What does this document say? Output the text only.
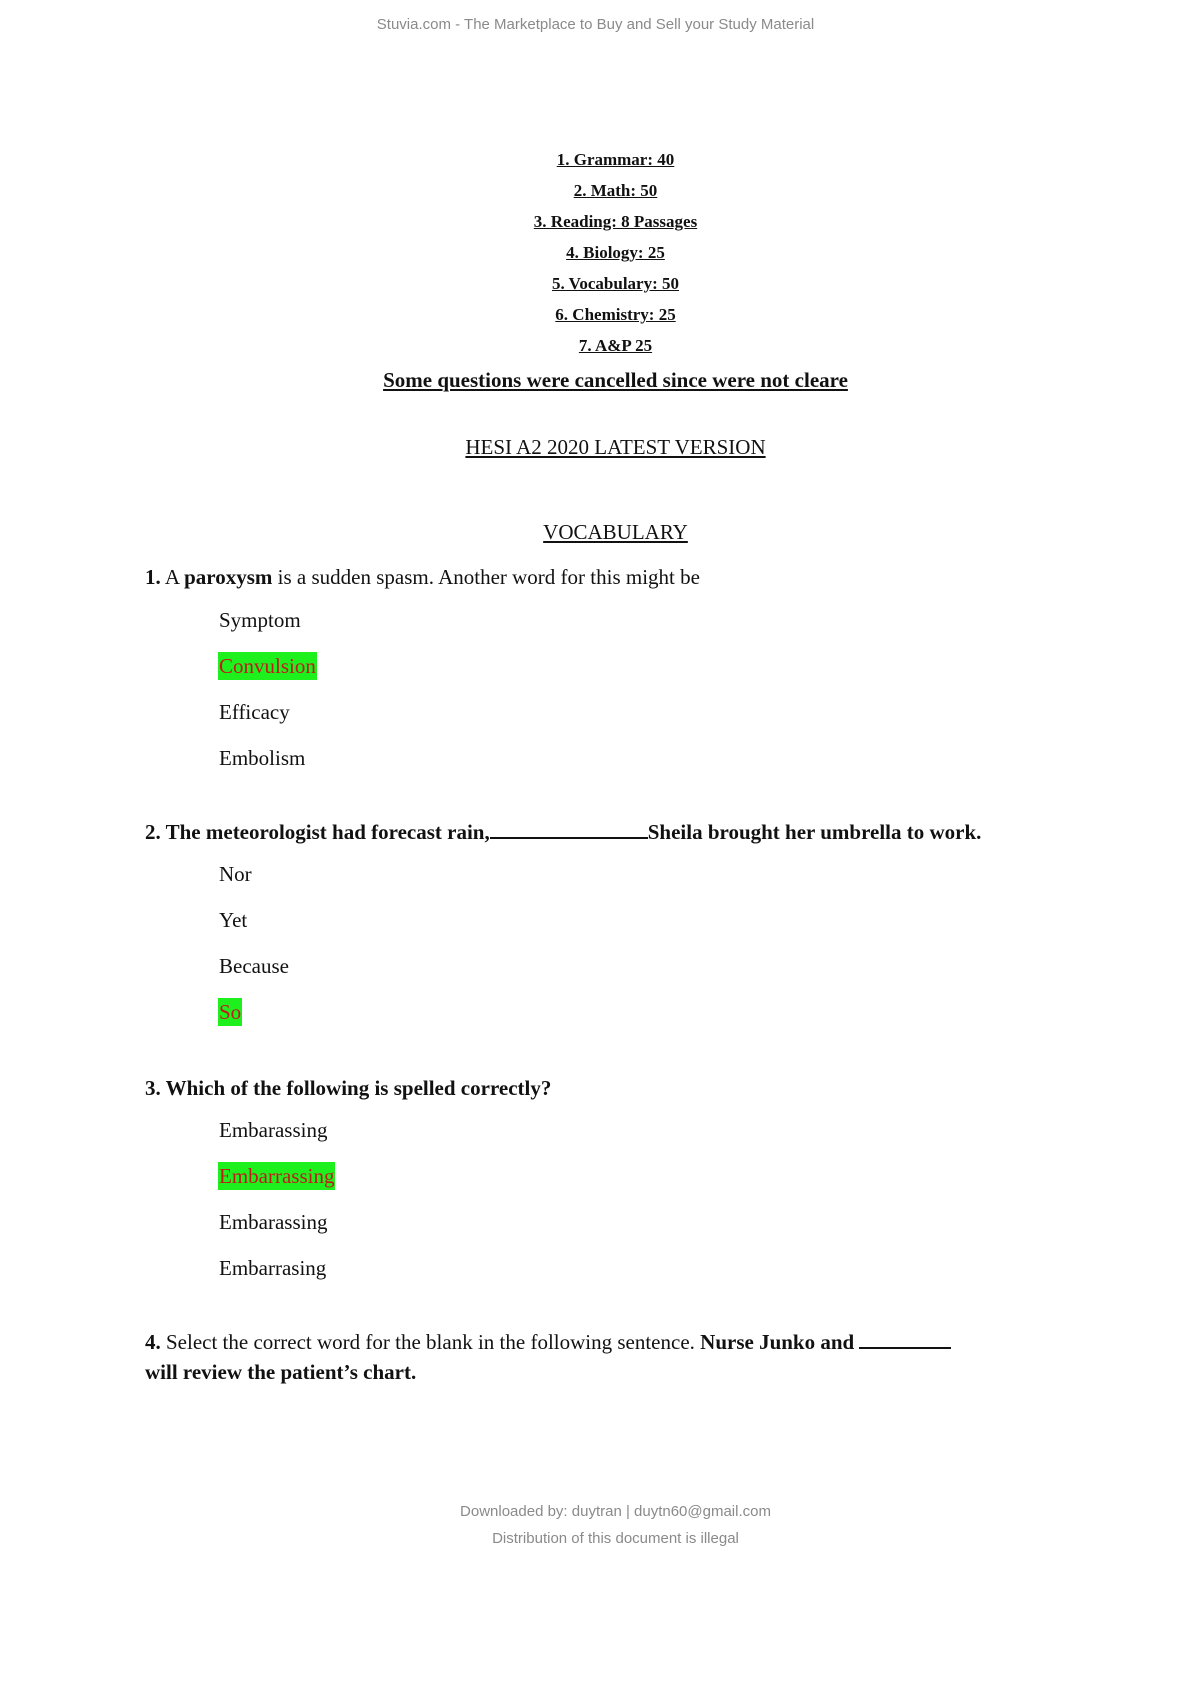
Stuvia.com - The Marketplace to Buy and Sell your Study Material
1. Grammar: 40
2. Math: 50
3. Reading: 8 Passages
4. Biology: 25
5. Vocabulary: 50
6. Chemistry: 25
7. A&P 25
Some questions were cancelled since were not cleare
HESI A2 2020 LATEST VERSION
VOCABULARY
1. A paroxysm is a sudden spasm. Another word for this might be
Symptom
Convulsion
Efficacy
Embolism
2. The meteorologist had forecast rain,	Sheila brought her umbrella to work.
Nor
Yet
Because
So
3. Which of the following is spelled correctly?
Embarassing
Embarrassing
Embarassing
Embarrasing
4. Select the correct word for the blank in the following sentence. Nurse Junko and
will review the patient’s chart.
Downloaded by: duytran | duytn60@gmail.com
Distribution of this document is illegal
